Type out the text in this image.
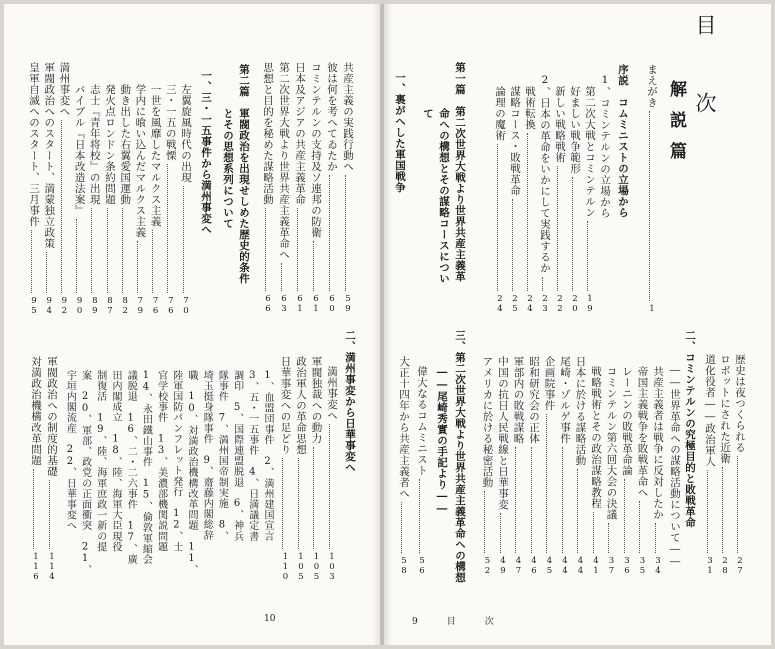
目　次
解説篇
まえがき
1
序説　コムミニストの立場から
1、コミンテルンの立場から
第二次大戦とコミンテルン
19
好ましい戦争範形
20
新しい戦略戦術
22
2、日本の革命をいかにして実践するか
23
戦術転換
24
謀略コース・敗戦革命
25
論理の魔術
24
第一篇　第二次世界大戦より世界共産主義革
命への構想とその謀略コースについ
て
一、裏がへした軍国戦争
歴史は夜つくられる
27
ロボットにされた近衛
28
道化役者――政治軍人
31
二、コミンテルンの究極目的と敗戦革命
――世界革命への謀略活動について――
共産主義者は戦争に反対したか
34
帝国主義戦争を敗戦革命へ
35
レーニンの敗戦革命論
36
コミンテルン第六回大会の決議
37
戦略戦術とその政治謀略教程
41
日本に於ける謀略活動
44
尾崎・ゾルゲ事件
44
企画院事件
45
昭和研究会の正体
46
軍部内の敗戦謀略
47
中国の抗日人民戦線と日華事変
49
アメリカに於ける秘密活動
52
三、第二次世界大戦より世界共産主義革命への構想
――尾崎秀實の手記より――
偉大なるコムミニスト
56
大正十四年から共産主義者へ
58
9　目　次
共産主義の実践行動へ
59
彼は何を考へてゐたか
60
コミンテルンの支持及ソ連邦の防衛
61
日本及アジアの共産主義革命
61
第二次世界大戦より世界共産主義革命へ
63
思想と目的を秘めた謀略活動
66
第二篇　軍閥政治を出現せしめた歴史的条件
とその思想系列について
一、三・一五事件から満州事変へ
左翼旋風時代の出現
70
三・一五の戦慄
76
一世を風靡したマルクス主義
76
学内に喰い込んだマルクス主義
79
動き出した右翼愛国運動
82
発火点ロンドン条約問題
87
志士『青年将校』の出現
89
バイブル『日本改造法案』
90
満州事変へ
92
軍閥政治へのスタート、満蒙独立政策
94
皇軍自滅へのスタート、三月事件
95
二、満州事変から日華事変へ
満州事変へ
103
軍閥独裁への動力
105
政治軍人の革命思想
105
日華事変への足どり
110
1、血盟団事件　2、満州建国宣言
3、五・一五事件　4、日満議定書
調印　5、国際連盟脱退　6、神兵
隊事件　7、満州国帝制実施　8、
埼玉挺身隊事件　9、齋藤内閣総辞
職　10、対満政治機構改革問題　11、
陸軍国防パンフレット発行　12、士
官学校事件　13、美濃部機関説問題
14、永田鐵山事件　15、倫敦軍縮会
議脱退　16、二・二六事件　17、廣
田内閣成立　18、陸、海軍大臣現役
制復活　19、陸、海軍庶政一新の提
案　20、軍部、政党の正面衝突　21、
宇垣内閣流産　22、日華事変へ
軍閥政治への制度的基礎
114
対満政治機構改革問題
116
10
